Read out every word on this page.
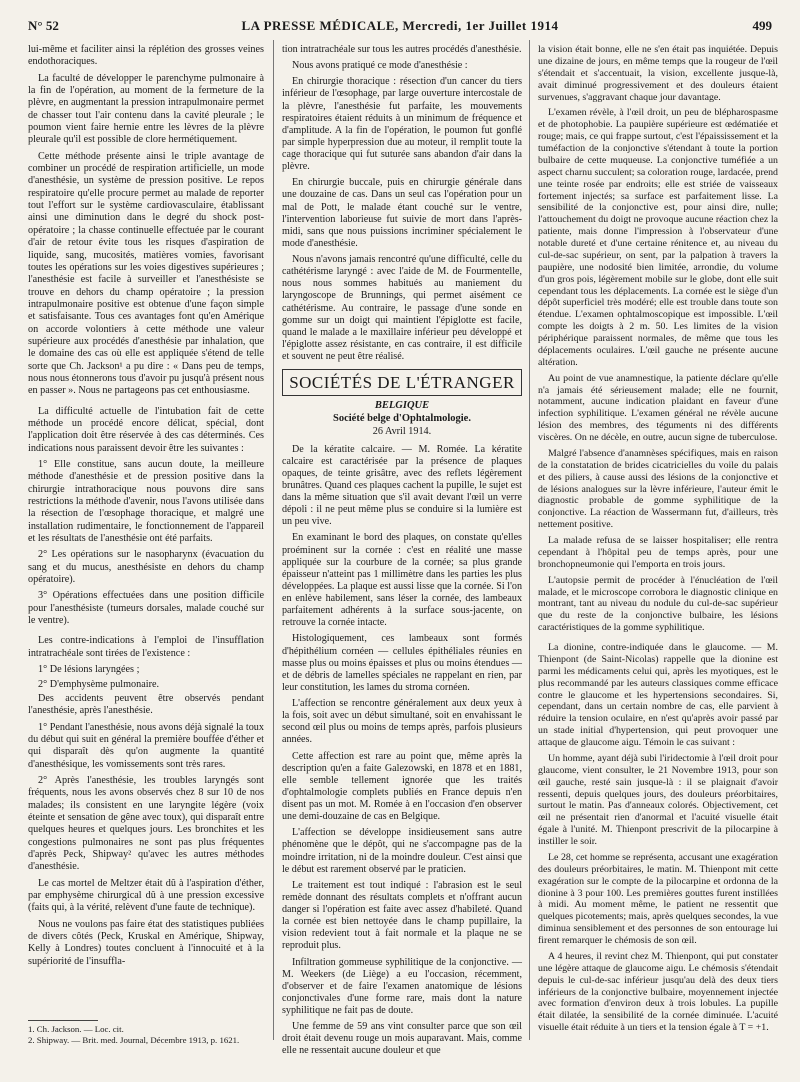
N° 52	LA PRESSE MÉDICALE, Mercredi, 1er Juillet 1914	499

lui-même et faciliter ainsi la réplétion des grosses veines endothoraciques.

La faculté de développer le parenchyme pulmonaire à la fin de l'opération, au moment de la fermeture de la plèvre, en augmentant la pression intrapulmonaire permet de chasser tout l'air contenu dans la cavité pleurale ; le poumon vient faire hernie entre les lèvres de la plèvre pleurale qu'il est possible de clore hermétiquement.

Cette méthode présente ainsi le triple avantage de combiner un procédé de respiration artificielle, un mode d'anesthésie, un système de pression positive. Le repos respiratoire qu'elle procure permet au malade de reporter tout l'effort sur le système cardiovasculaire, établissant ainsi une diminution dans le degré du shock post-opératoire ; la chasse continuelle effectuée par le courant d'air de retour évite tous les risques d'aspiration de liquide, sang, mucosités, matières vomies, favorisant toutes les opérations sur les voies digestives supérieures ; l'anesthésie est facile à surveiller et l'anesthésiste se trouve en dehors du champ opératoire ; la pression intrapulmonaire positive est obtenue d'une façon simple et satisfaisante. Tous ces avantages font qu'en Amérique on accorde volontiers à cette méthode une valeur supérieure aux procédés d'anesthésie par inhalation, que le domaine des cas où elle est appliquée s'étend de telle sorte que Ch. Jackson¹ a pu dire : « Dans peu de temps, nous nous étonnerons tous d'avoir pu jusqu'à présent nous en passer ». Nous ne partageons pas cet enthousiasme.

La difficulté actuelle de l'intubation fait de cette méthode un procédé encore délicat, spécial, dont l'application doit être réservée à des cas déterminés. Ces indications nous paraissent devoir être les suivantes :

1° Elle constitue, sans aucun doute, la meilleure méthode d'anesthésie et de pression positive dans la chirurgie intrathoracique nous pouvons dire sans restrictions la méthode d'avenir, nous l'avons utilisée dans la résection de l'œsophage thoracique, et malgré une installation rudimentaire, le fonctionnement de l'appareil et les résultats de l'anesthésie ont été parfaits.

2° Les opérations sur le nasopharynx (évacuation du sang et du mucus, anesthésiste en dehors du champ opératoire).

3° Opérations effectuées dans une position difficile pour l'anesthésiste (tumeurs dorsales, malade couché sur le ventre).

Les contre-indications à l'emploi de l'insufflation intratrachéale sont tirées de l'existence :

1° De lésions laryngées ;

2° D'emphysème pulmonaire.

Des accidents peuvent être observés pendant l'anesthésie, après l'anesthésie.

1° Pendant l'anesthésie, nous avons déjà signalé la toux du début qui suit en général la première bouffée d'éther et qui disparaît dès qu'on augmente la quantité d'anesthésique, les vomissements sont très rares.

2° Après l'anesthésie, les troubles laryngés sont fréquents, nous les avons observés chez 8 sur 10 de nos malades; ils consistent en une laryngite légère (voix éteinte et sensation de gêne avec toux), qui disparaît entre quelques heures et quelques jours. Les bronchites et les congestions pulmonaires ne sont pas plus fréquentes d'après Peck, Shipway² qu'avec les autres méthodes d'anesthésie.

Le cas mortel de Meltzer était dû à l'aspiration d'éther, par emphysème chirurgical dû à une pression excessive (faits qui, à la vérité, relèvent d'une faute de technique).

Nous ne voulons pas faire état des statistiques publiées de divers côtés (Peck, Kruskal en Amérique, Shipway, Kelly à Londres) toutes concluent à l'innocuité et à la supériorité de l'insuffla-

1. Ch. Jackson. — Loc. cit.
2. Shipway. — Brit. med. Journal, Décembre 1913, p. 1621.

tion intratrachéale sur tous les autres procédés d'anesthésie.

Nous avons pratiqué ce mode d'anesthésie :

En chirurgie thoracique : résection d'un cancer du tiers inférieur de l'œsophage, par large ouverture intercostale de la plèvre, l'anesthésie fut parfaite, les mouvements respiratoires étaient réduits à un minimum de fréquence et d'amplitude. A la fin de l'opération, le poumon fut gonflé par simple hyperpression due au moteur, il remplit toute la cage thoracique qui fut suturée sans abandon d'air dans la plèvre.

En chirurgie buccale, puis en chirurgie générale dans une douzaine de cas. Dans un seul cas l'opération pour un mal de Pott, le malade étant couché sur le ventre, l'intervention laborieuse fut suivie de mort dans l'après-midi, sans que nous puissions incriminer spécialement le mode d'anesthésie.

Nous n'avons jamais rencontré qu'une difficulté, celle du cathétérisme laryngé : avec l'aide de M. de Fourmentelle, nous nous sommes habitués au maniement du laryngoscope de Brunnings, qui permet aisément ce cathétérisme. Au contraire, le passage d'une sonde en gomme sur un doigt qui maintient l'épiglotte est facile, quand le malade a le maxillaire inférieur peu développé et l'épiglotte assez résistante, en cas contraire, il est difficile et souvent ne peut être réalisé.

SOCIÉTÉS DE L'ÉTRANGER
BELGIQUE
Société belge d'Ophtalmologie.
26 Avril 1914.

De la kératite calcaire. — M. Romée. La kératite calcaire est caractérisée par la présence de plaques opaques, de teinte grisâtre, avec des reflets légèrement brunâtres. Quand ces plaques cachent la pupille, le sujet est dans la même situation que s'il avait devant l'œil un verre dépoli : il ne peut même plus se conduire si la lumière est un peu vive.

En examinant le bord des plaques, on constate qu'elles proéminent sur la cornée : c'est en réalité une masse appliquée sur la courbure de la cornée; sa plus grande épaisseur n'atteint pas 1 millimètre dans les parties les plus développées. La plaque est aussi lisse que la cornée. Si l'on en enlève habilement, sans léser la cornée, des lambeaux parfaitement adhérents à la surface sous-jacente, on retrouve la cornée intacte.

Histologiquement, ces lambeaux sont formés d'hépithélium cornéen — cellules épithéliales réunies en masse plus ou moins épaisses et plus ou moins étendues — et de débris de lamelles spéciales ne rappelant en rien, par leur constitution, les lames du stroma cornéen.

L'affection se rencontre généralement aux deux yeux à la fois, soit avec un début simultané, soit en envahissant le second œil plus ou moins de temps après, parfois plusieurs années.

Cette affection est rare au point que, même après la description qu'en a faite Galezowski, en 1878 et en 1881, elle semble tellement ignorée que les traités d'ophtalmologie complets publiés en France depuis n'en disent pas un mot. M. Romée à en l'occasion d'en observer une demi-douzaine de cas en Belgique.

L'affection se développe insidieusement sans autre phénomène que le dépôt, qui ne s'accompagne pas de la moindre irritation, ni de la moindre douleur. C'est ainsi que le début est rarement observé par le praticien.

Le traitement est tout indiqué : l'abrasion est le seul remède donnant des résultats complets et n'offrant aucun danger si l'opération est faite avec assez d'habileté. Quand la cornée est bien nettoyée dans le champ pupillaire, la vision redevient tout à fait normale et la plaque ne se reproduit plus.

Infiltration gommeuse syphilitique de la conjonctive. — M. Weekers (de Liège) a eu l'occasion, récemment, d'observer et de faire l'examen anatomique de lésions conjonctivales d'une forme rare, mais dont la nature syphilitique ne fait pas de doute.

Une femme de 59 ans vint consulter parce que son œil droit était devenu rouge un mois auparavant. Mais, comme elle ne ressentait aucune douleur et que

la vision était bonne, elle ne s'en était pas inquiétée. Depuis une dizaine de jours, en même temps que la rougeur de l'œil s'étendait et s'accentuait, la vision, excellente jusque-là, avait diminué progressivement et des douleurs étaient survenues, s'aggravant chaque jour davantage.

L'examen révèle, à l'œil droit, un peu de blépharospasme et de photophobie. La paupière supérieure est œdématiée et rouge; mais, ce qui frappe surtout, c'est l'épaississement et la tuméfaction de la conjonctive s'étendant à toute la portion bulbaire de cette muqueuse. La conjonctive tuméfiée a un aspect charnu succulent; sa coloration rouge, lardacée, prend une teinte rosée par endroits; elle est striée de vaisseaux fortement injectés; sa surface est parfaitement lisse. La sensibilité de la conjonctive est, pour ainsi dire, nulle; l'attouchement du doigt ne provoque aucune réaction chez la patiente, mais donne l'impression à l'observateur d'une notable dureté et d'une certaine rénitence et, au niveau du cul-de-sac supérieur, on sent, par la palpation à travers la paupière, une nodosité bien limitée, arrondie, du volume d'un gros pois, légèrement mobile sur le globe, dont elle suit cependant tous les déplacements. La cornée est le siège d'un dépôt superficiel très modéré; elle est trouble dans toute son étendue. L'examen ophtalmoscopique est impossible. L'œil compte les doigts à 2 m. 50. Les limites de la vision périphérique paraissent normales, de même que tous les déplacements oculaires. L'œil gauche ne présente aucune altération.

Au point de vue anamnestique, la patiente déclare qu'elle n'a jamais été sérieusement malade; elle ne fournit, notamment, aucune indication plaidant en faveur d'une infection syphilitique. L'examen général ne révèle aucune lésion des membres, des téguments ni des différents viscères. On ne décèle, en outre, aucun signe de tuberculose.

Malgré l'absence d'anamnèses spécifiques, mais en raison de la constatation de brides cicatricielles du voile du palais et des piliers, à cause aussi des lésions de la conjonctive et de lésions analogues sur la lèvre inférieure, l'auteur émit le diagnostic probable de gomme syphilitique de la conjonctive. La réaction de Wassermann fut, d'ailleurs, très nettement positive.

La malade refusa de se laisser hospitaliser; elle rentra cependant à l'hôpital peu de temps après, pour une bronchopneumonie qui l'emporta en trois jours.

L'autopsie permit de procéder à l'énucléation de l'œil malade, et le microscope corrobora le diagnostic clinique en montrant, tant au niveau du nodule du cul-de-sac supérieur que du reste de la conjonctive bulbaire, les lésions caractéristiques de la gomme syphilitique.

La dionine, contre-indiquée dans le glaucome. — M. Thienpont (de Saint-Nicolas) rappelle que la dionine est parmi les médicaments celui qui, après les myotiques, est le plus recommandé par les auteurs classiques comme efficace contre le glaucome et les hypertensions secondaires. Si, cependant, dans un certain nombre de cas, elle parvient à réduire la tension oculaire, en n'est qu'après avoir passé par un stade initial d'hypertension, qui peut provoquer une attaque de glaucome aigu. Témoin le cas suivant :

Un homme, ayant déjà subi l'iridectomie à l'œil droit pour glaucome, vient consulter, le 21 Novembre 1913, pour son œil gauche, resté sain jusque-là : il se plaignait d'avoir ressenti, depuis quelques jours, des douleurs préorbitaires, surtout le matin. Pas d'anneaux colorés. Objectivement, cet œil ne présentait rien d'anormal et l'acuité visuelle était égale à l'unité. M. Thienpont prescrivit de la pilocarpine à instiller le soir.

Le 28, cet homme se représenta, accusant une exagération des douleurs préorbitaires, le matin. M. Thienpont mit cette exagération sur le compte de la pilocarpine et ordonna de la dionine à 3 pour 100. Les premières gouttes furent instillées à midi. Au moment même, le patient ne ressentit que quelques picotements; mais, après quelques secondes, la vue diminua sensiblement et des personnes de son entourage lui firent remarquer le chémosis de son œil.

A 4 heures, il revint chez M. Thienpont, qui put constater une légère attaque de glaucome aigu. Le chémosis s'étendait depuis le cul-de-sac inférieur jusqu'au delà des deux tiers inférieurs de la conjonctive bulbaire, moyennement injectée avec formation d'environ deux à trois lobules. La pupille était dilatée, la sensibilité de la cornée diminuée. L'acuité visuelle était réduite à un tiers et la tension égale à T = +1.
